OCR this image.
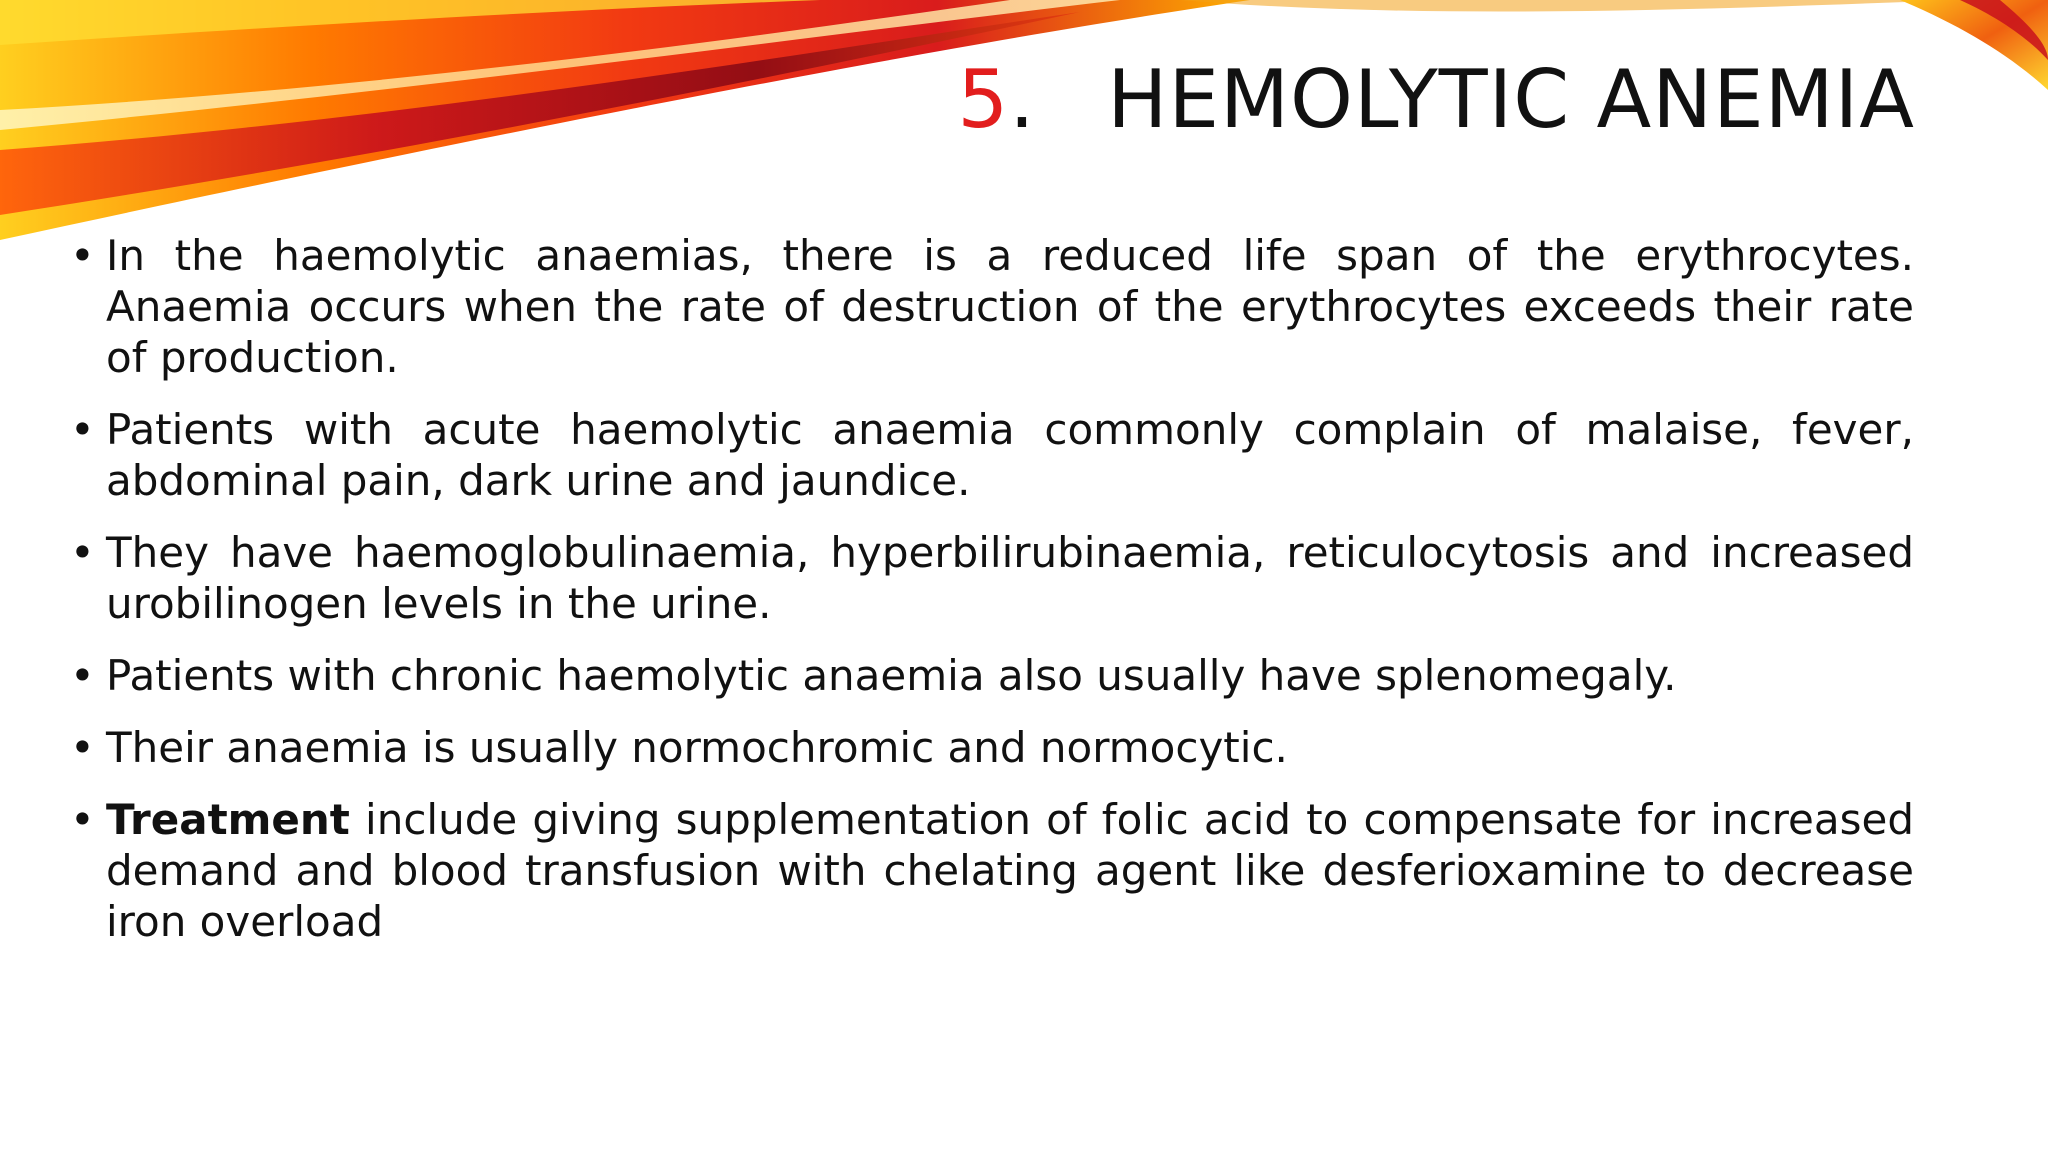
5. HEMOLYTIC ANEMIA
• In the haemolytic anaemias, there is a reduced life span of the erythrocytes. Anaemia occurs when the rate of destruction of the erythrocytes exceeds their rate of production.
• Patients with acute haemolytic anaemia commonly complain of malaise, fever, abdominal pain, dark urine and jaundice.
• They have haemoglobulinaemia, hyperbilirubinaemia, reticulocytosis and increased urobilinogen levels in the urine.
• Patients with chronic haemolytic anaemia also usually have splenomegaly.
• Their anaemia is usually normochromic and normocytic.
• Treatment include giving supplementation of folic acid to compensate for increased demand and blood transfusion with chelating agent like desferioxamine to decrease iron overload
